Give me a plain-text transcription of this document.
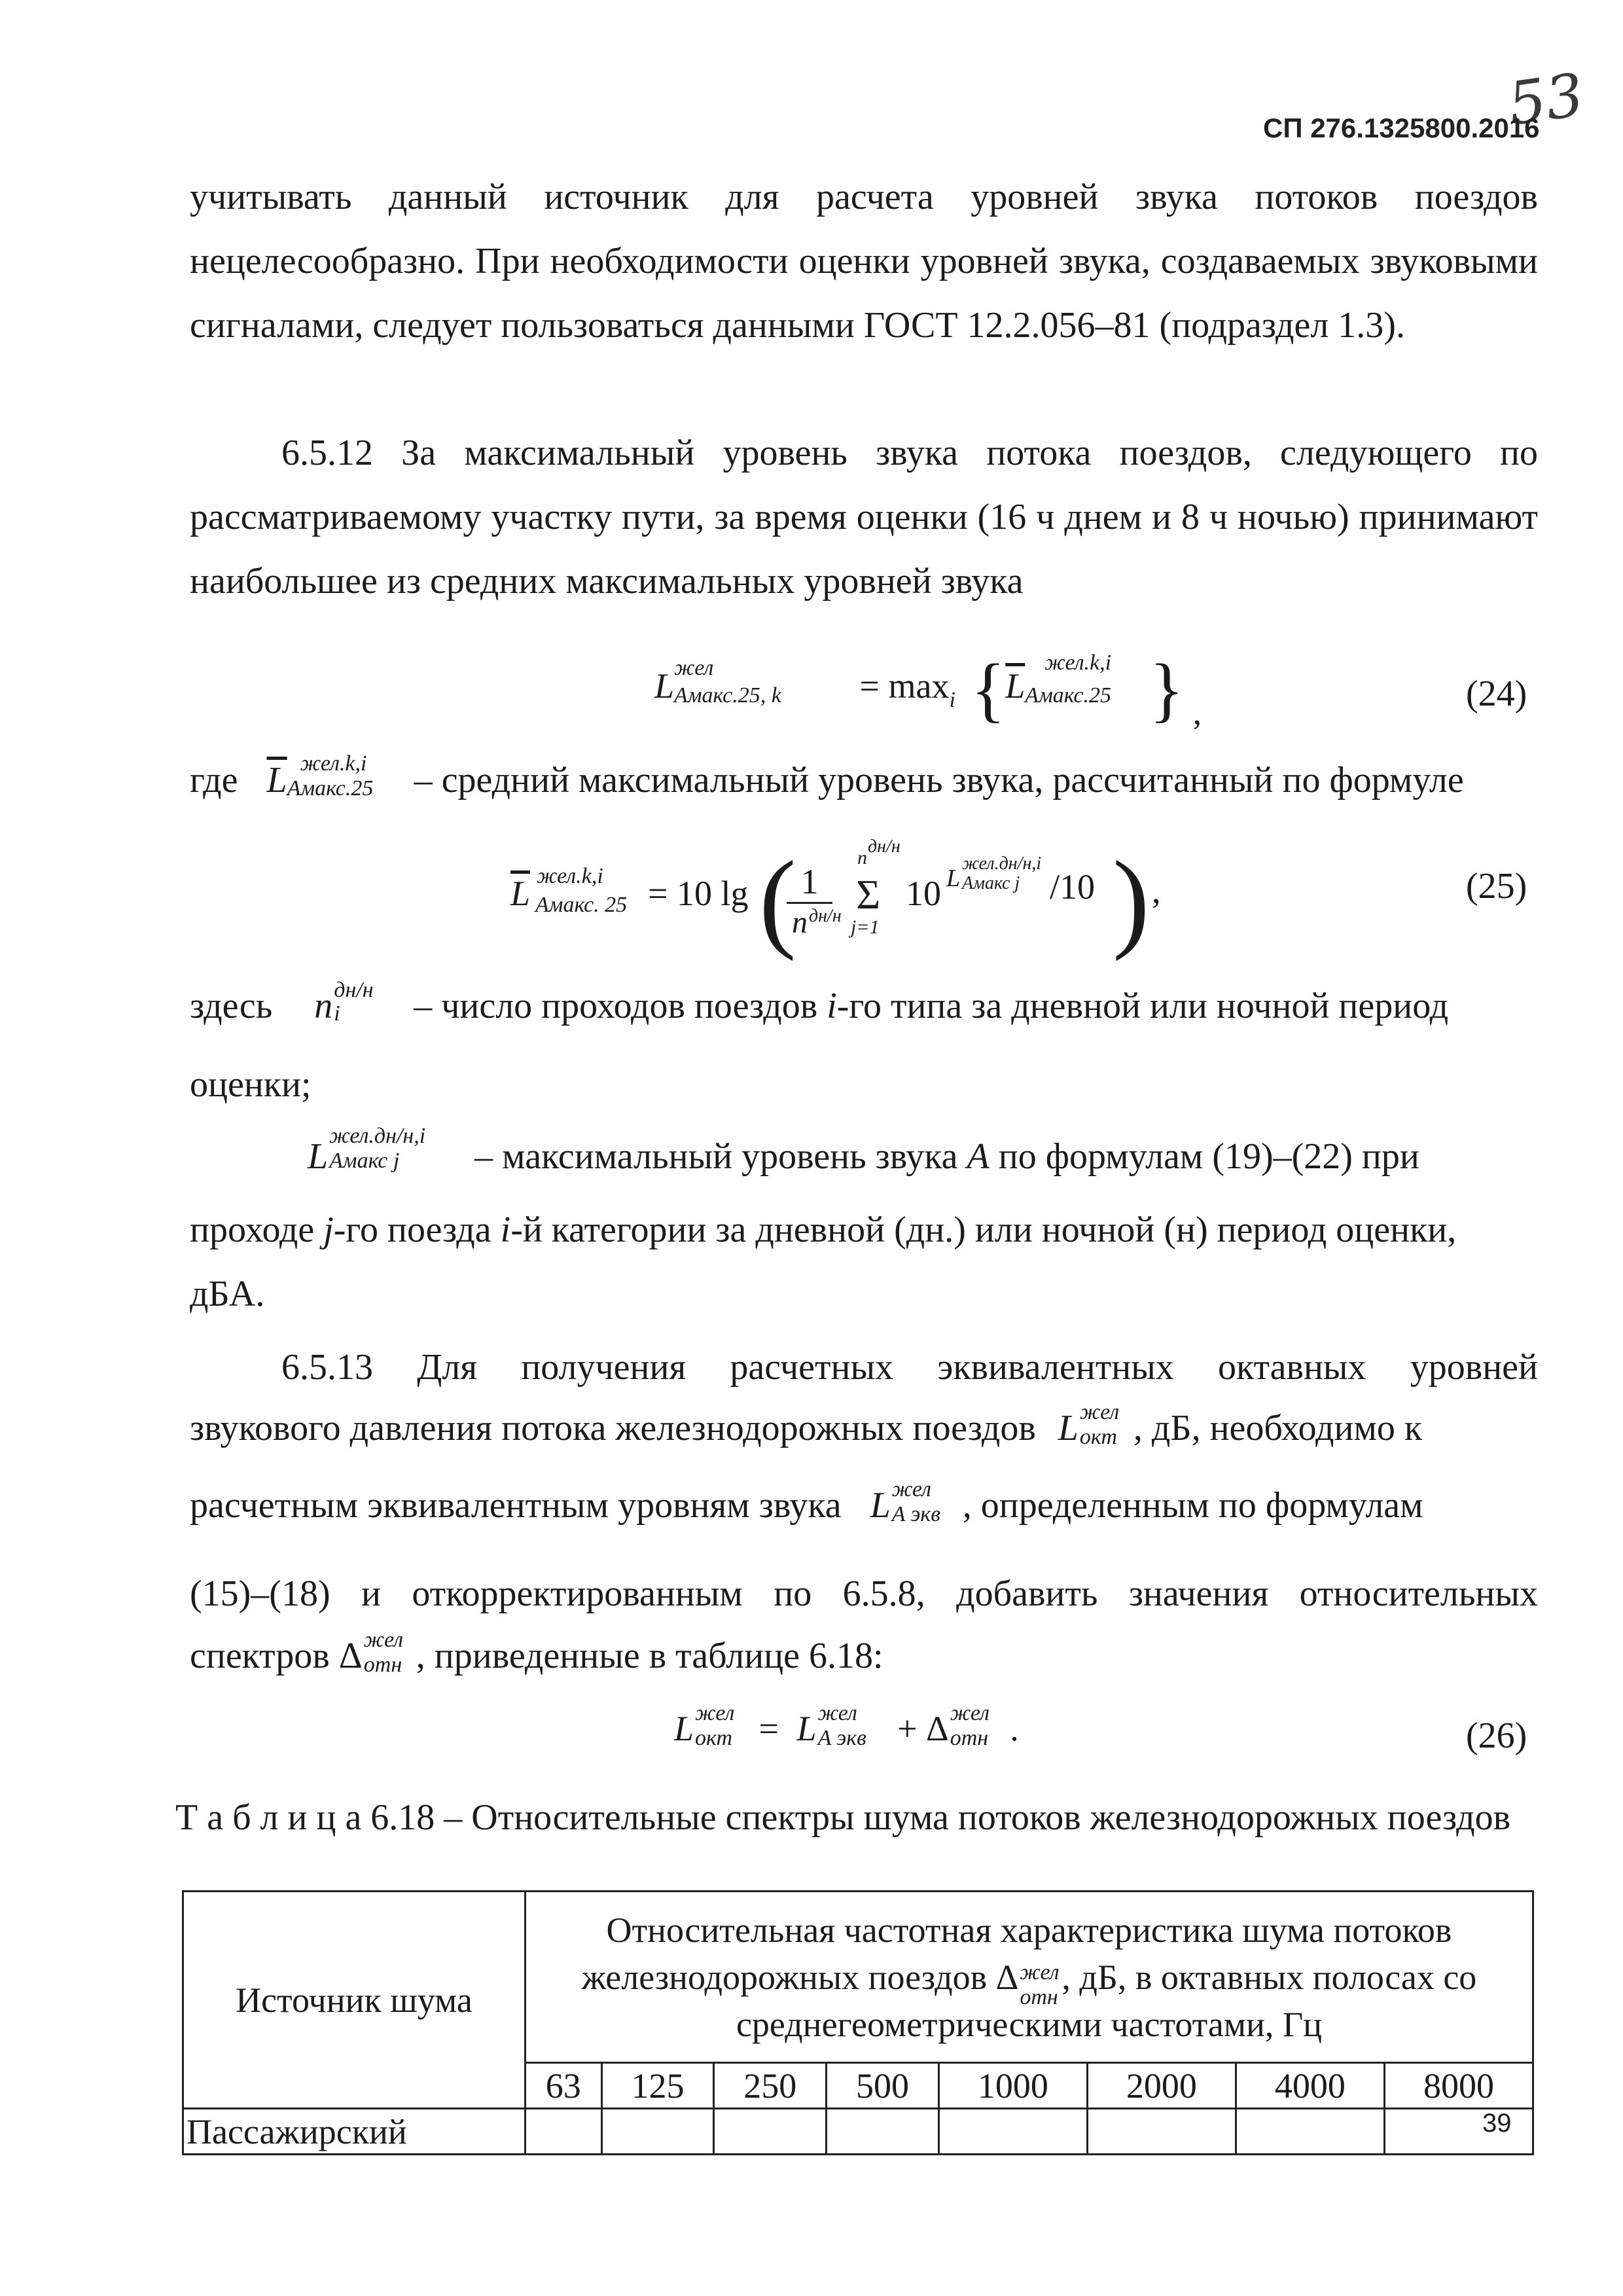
53
СП 276.1325800.2016
учитывать данный источник для расчета уровней звука потоков поездов нецелесообразно. При необходимости оценки уровней звука, создаваемых звуковыми сигналами, следует пользоваться данными ГОСТ 12.2.056–81 (подраздел 1.3).
6.5.12 За максимальный уровень звука потока поездов, следующего по рассматриваемому участку пути, за время оценки (16 ч днем и 8 ч ночью) принимают наибольшее из средних максимальных уровней звука
L жел
Aмакс.25, $k = \max_i \{\overline{L}$
жел.k,i
Aмакс.25 } ,	(24)
где $\overline{L}$ жел.k,i
Aмакс.25 – средний максимальный уровень звука, рассчитанный по формуле
$\overline{L}$ жел.k,i
Aмакс. 25 = 10 lg ( 1
n дн/н
n
дн/н
Σ
j=1
10 L
жел.дн/н,i
Aмакс j /10 ) ,	(25)
здесь n дн/н
i – число проходов поездов i-го типа за дневной или ночной период
оценки;
L
жел.дн/н,i
Aмакс j – максимальный уровень звука A по формулам (19)–(22) при
проходе j-го поезда i-й категории за дневной (дн.) или ночной (н) период оценки,
дБА.
6.5.13 Для получения расчетных эквивалентных октавных уровней
звукового давления потока железнодорожных поездов L жел
окт , дБ, необходимо к
расчетным эквивалентным уровням звука L жел
A экв , определенным по формулам
(15)–(18) и откорректированным по 6.5.8, добавить значения относительных
спектров Δ жел
отн , приведенные в таблице 6.18:
L жел
окт = L жел
A экв + Δ жел
отн .	(26)
Т а б л и ц а 6.18 – Относительные спектры шума потоков железнодорожных поездов
Источник шума	Относительная частотная характеристика шума потоков железнодорожных поездов Δ жел
отн
, дБ, в октавных полосах со среднегеометрическими частотами, Гц							
	63	125	250	500	1000	2000	4000	8000
Пассажирский									39
